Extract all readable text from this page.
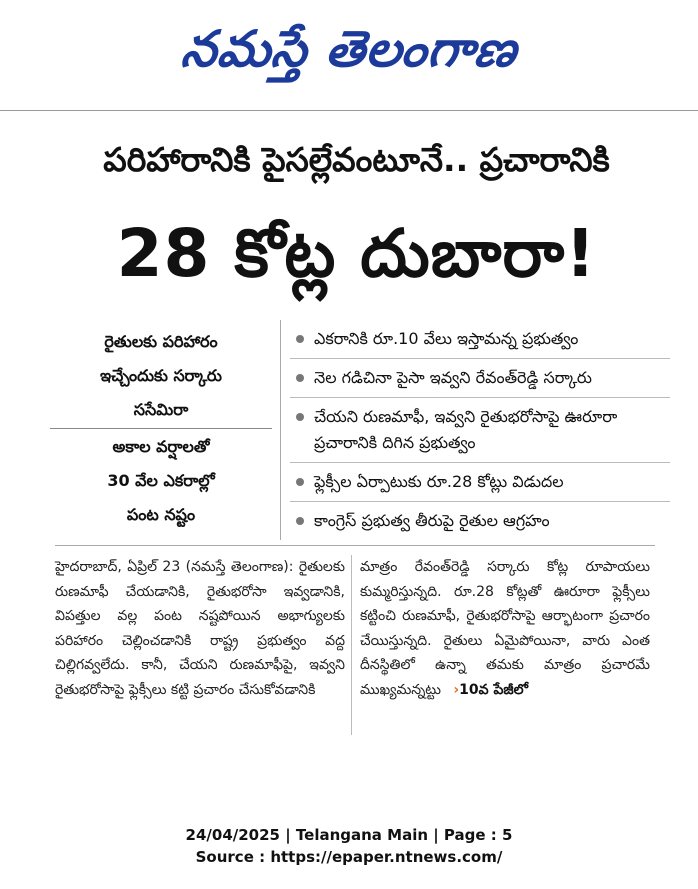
నమస్తే తెలంగాణ
పరిహారానికి పైసల్లేవంటూనే.. ప్రచారానికి
28 కోట్ల దుబారా!
రైతులకు పరిహారం
ఇచ్చేందుకు సర్కారు
ససేమిరా
అకాల వర్షాలతో
30 వేల ఎకరాల్లో
పంట నష్టం
ఎకరానికి రూ.10 వేలు ఇస్తామన్న ప్రభుత్వం
నెల గడిచినా పైసా ఇవ్వని రేవంత్‌రెడ్డి సర్కారు
చేయని రుణమాఫీ, ఇవ్వని రైతుభరోసాపై ఊరూరా ప్రచారానికి దిగిన ప్రభుత్వం
ఫ్లెక్సీల ఏర్పాటుకు రూ.28 కోట్లు విడుదల
కాంగ్రెస్ ప్రభుత్వ తీరుపై రైతుల ఆగ్రహం
హైదరాబాద్, ఏప్రిల్ 23 (నమస్తే తెలంగాణ): రైతులకు రుణమాఫీ చేయడానికి, రైతుభరోసా ఇవ్వడానికి, విపత్తుల వల్ల పంట నష్టపోయిన అభాగ్యులకు పరిహారం చెల్లించడానికి రాష్ట్ర ప్రభుత్వం వద్ద చిల్లిగవ్వలేదు. కానీ, చేయని రుణమాఫీపై, ఇవ్వని రైతుభరోసాపై ఫ్లెక్సీలు కట్టి ప్రచారం చేసుకోవడానికి
మాత్రం రేవంత్‌రెడ్డి సర్కారు కోట్ల రూపాయలు కుమ్మరిస్తున్నది. రూ.28 కోట్లతో ఊరూరా ఫ్లెక్సీలు కట్టించి రుణమాఫీ, రైతుభరోసాపై ఆర్భాటంగా ప్రచారం చేయిస్తున్నది. రైతులు ఏమైపోయినా, వారు ఎంత దీనస్థితిలో ఉన్నా తమకు మాత్రం ప్రచారమే ముఖ్యమన్నట్టు ›10వ పేజీలో
24/04/2025 | Telangana Main | Page : 5
Source : https://epaper.ntnews.com/
